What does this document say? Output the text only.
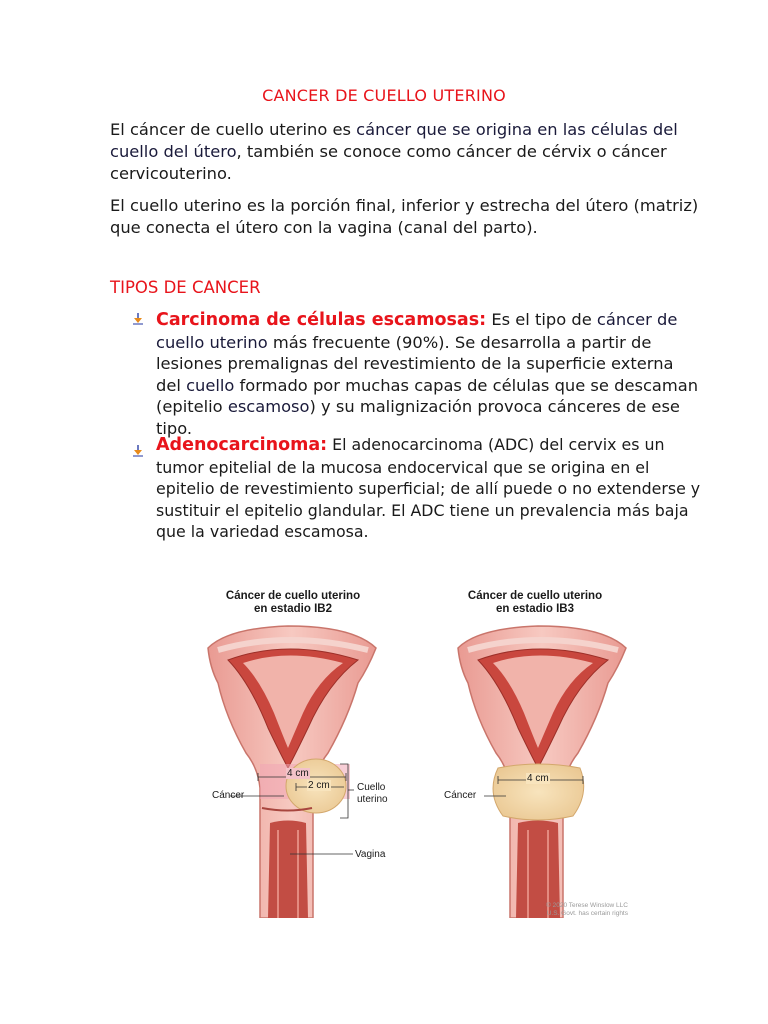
CANCER DE CUELLO UTERINO
El cáncer de cuello uterino es cáncer que se origina en las células del cuello del útero, también se conoce como cáncer de cérvix o cáncer cervicouterino.
El cuello uterino es la porción final, inferior y estrecha del útero (matriz) que conecta el útero con la vagina (canal del parto).
TIPOS DE CANCER
Carcinoma de células escamosas: Es el tipo de cáncer de cuello uterino más frecuente (90%). Se desarrolla a partir de lesiones premalignas del revestimiento de la superficie externa del cuello formado por muchas capas de células que se descaman (epitelio escamoso) y su malignización provoca cánceres de ese tipo.
Adenocarcinoma: El adenocarcinoma (ADC) del cervix es un tumor epitelial de la mucosa endocervical que se origina en el epitelio de revestimiento superficial; de allí puede o no extenderse y sustituir el epitelio glandular. El ADC tiene un prevalencia más baja que la variedad escamosa.
Cáncer de cuello uterino
en estadio IB2
Cáncer de cuello uterino
en estadio IB3
4 cm
2 cm
4 cm
Cáncer	Cáncer
Cuello
uterino
Vagina
© 2020 Terese Winslow LLC
U.S. Govt. has certain rights
